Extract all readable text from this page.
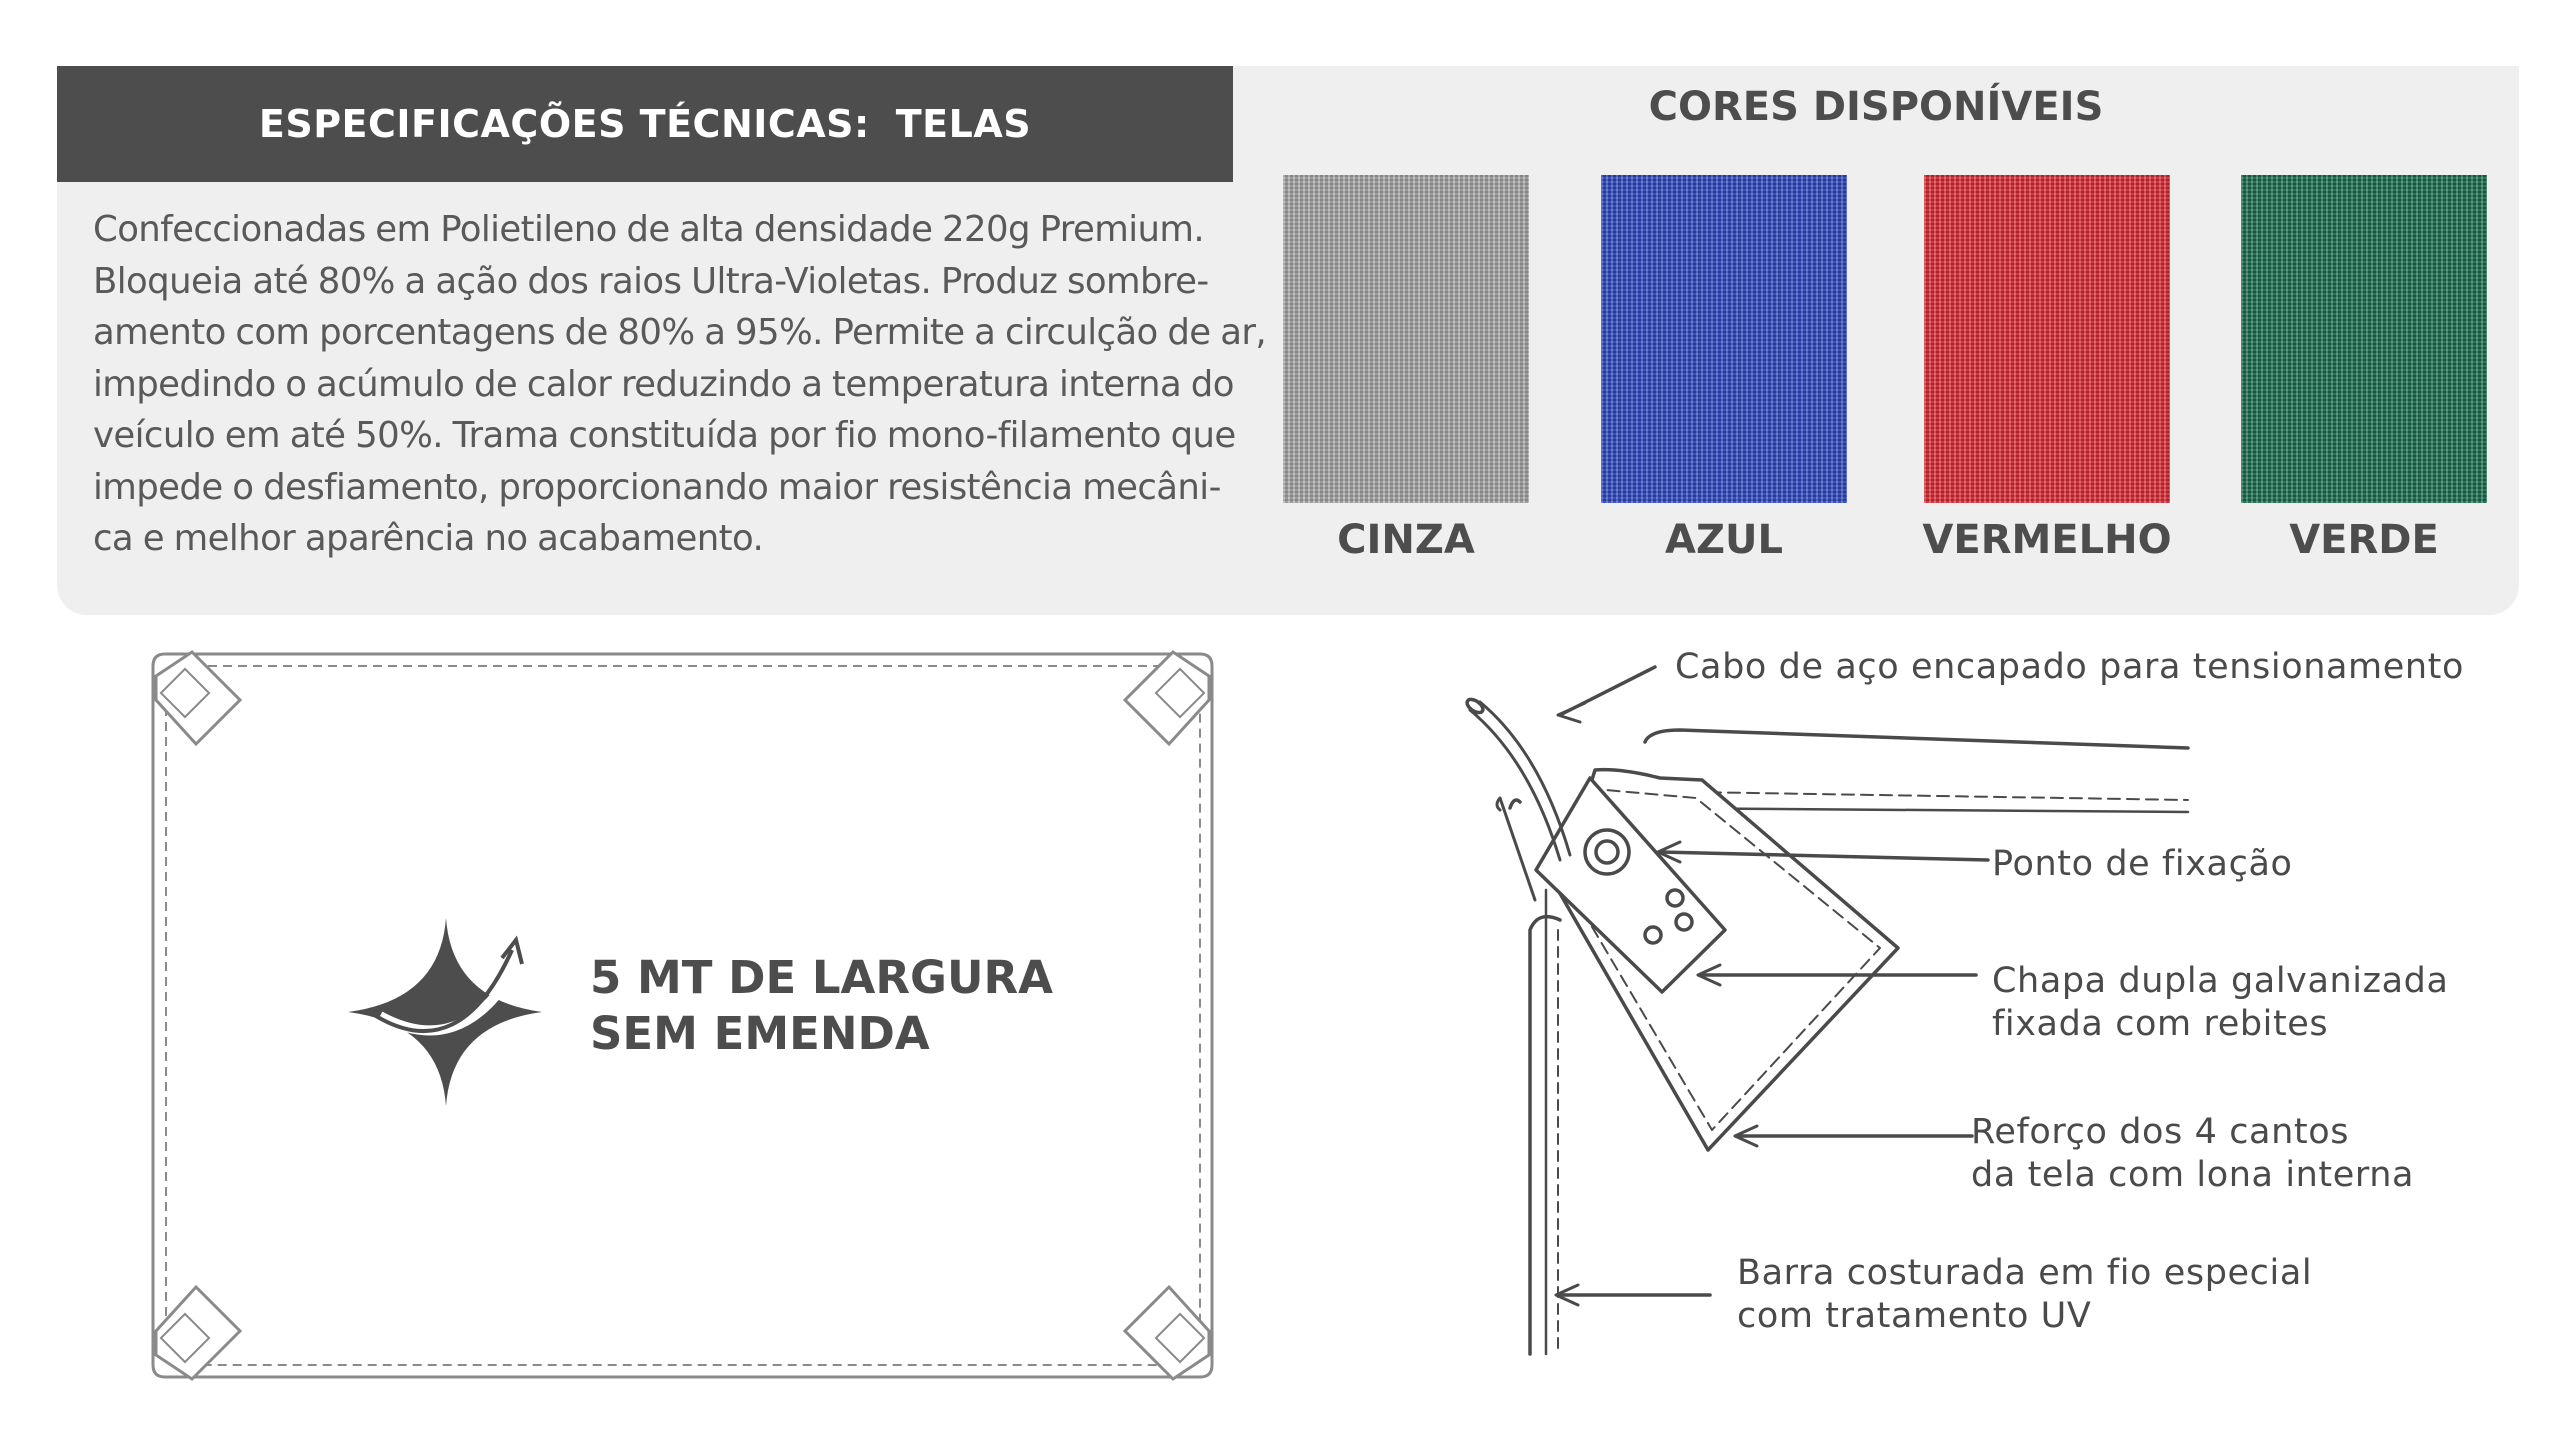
ESPECIFICAÇÕES TÉCNICAS: TELAS
Confeccionadas em Polietileno de alta densidade 220g Premium.
Bloqueia até 80% a ação dos raios Ultra-Violetas. Produz sombre-
amento com porcentagens de 80% a 95%. Permite a circulção de ar,
impedindo o acúmulo de calor reduzindo a temperatura interna do
veículo em até 50%. Trama constituída por fio mono-filamento que
impede o desfiamento, proporcionando maior resistência mecâni-
ca e melhor aparência no acabamento.
CORES DISPONÍVEIS
CINZA	AZUL	VERMELHO	VERDE
5 MT DE LARGURA
SEM EMENDA
Cabo de aço encapado para tensionamento
Ponto de fixação
Chapa dupla galvanizada
fixada com rebites
Reforço dos 4 cantos
da tela com lona interna
Barra costurada em fio especial
com tratamento UV
